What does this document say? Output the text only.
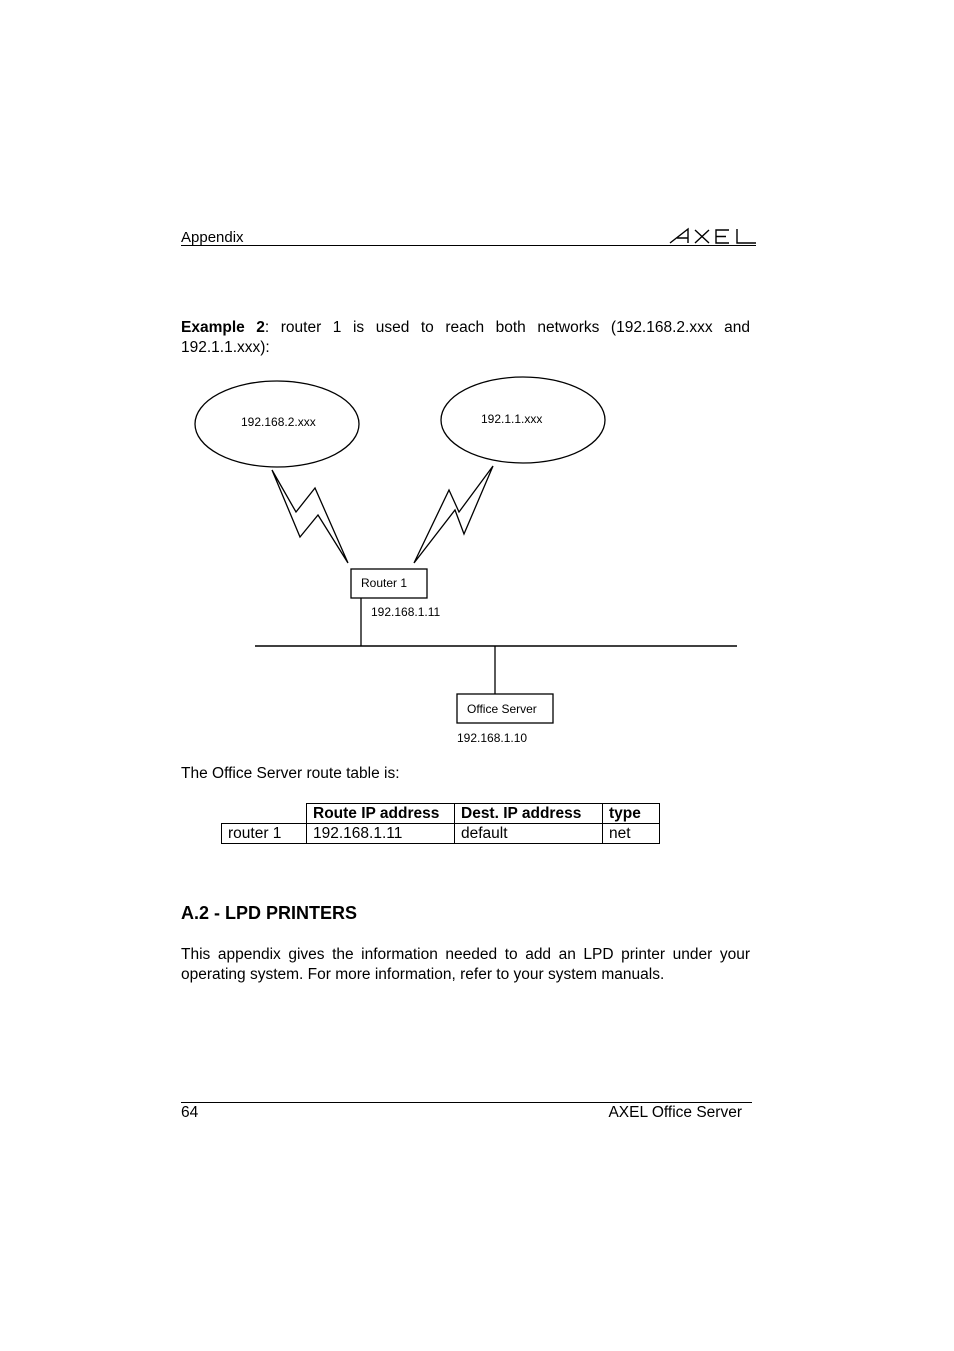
Appendix
Example 2: router 1 is used to reach both networks (192.168.2.xxx and
192.1.1.xxx):
192.168.2.xxx	192.1.1.xxx
Router 1
192.168.1.11
Office Server
192.168.1.10
The Office Server route table is:
	Route IP address	Dest. IP address	type
router 1	192.168.1.11	default	net
A.2 - LPD PRINTERS
This appendix gives the information needed to add an LPD printer under your operating system. For more information, refer to your system manuals.
64	AXEL Office Server
